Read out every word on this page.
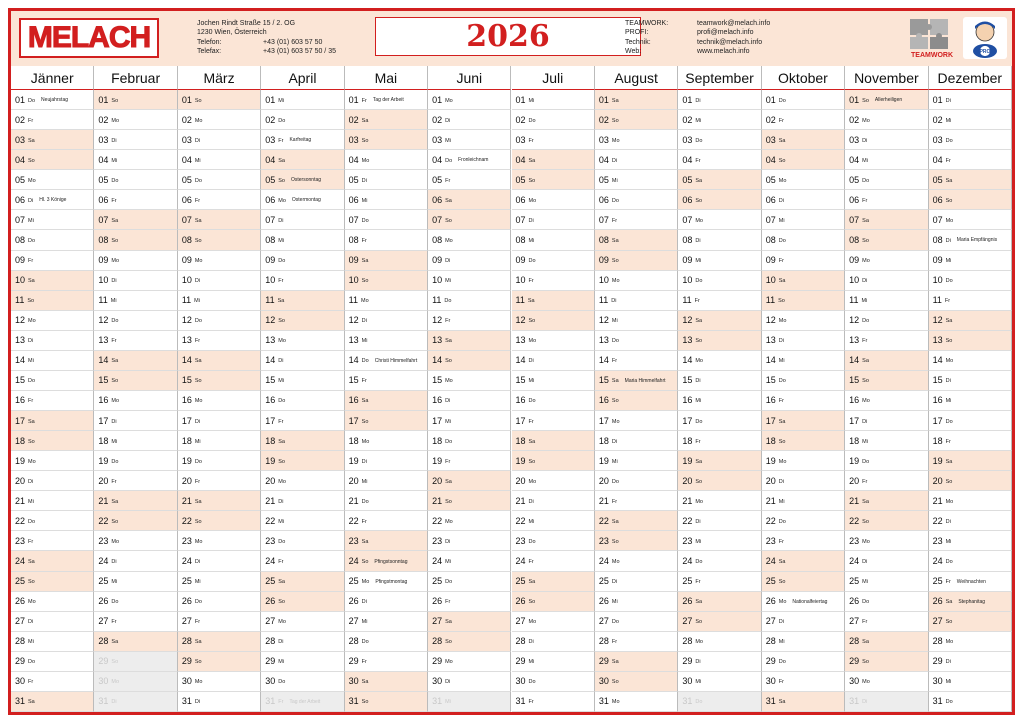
MELACH	Jochen Rindt Straße 15 / 2. OG
1230 Wien, Österreich
Telefon:
Telefax:
+43 (01) 603 57 50
+43 (01) 603 57 50 / 35	2026	TEAMWORK:
PROFI:
Technik:
Web:
teamwork@melach.info
profi@melach.info
technik@melach.info
www.melach.info
TEAMWORK	PRO
Jänner
01 Do Neujahrstag
02 Fr
03 Sa
04 So
05 Mo
06 Di Hl. 3 Könige
07 Mi
08 Do
09 Fr
10 Sa
11 So
12 Mo
13 Di
14 Mi
15 Do
16 Fr
17 Sa
18 So
19 Mo
20 Di
21 Mi
22 Do
23 Fr
24 Sa
25 So
26 Mo
27 Di
28 Mi
29 Do
30 Fr
31 Sa
Februar
01 So
02 Mo
03 Di
04 Mi
05 Do
06 Fr
07 Sa
08 So
09 Mo
10 Di
11 Mi
12 Do
13 Fr
14 Sa
15 So
16 Mo
17 Di
18 Mi
19 Do
20 Fr
21 Sa
22 So
23 Mo
24 Di
25 Mi
26 Do
27 Fr
28 Sa
29 So
30 Mo
31 Di
März
01 So
02 Mo
03 Di
04 Mi
05 Do
06 Fr
07 Sa
08 So
09 Mo
10 Di
11 Mi
12 Do
13 Fr
14 Sa
15 So
16 Mo
17 Di
18 Mi
19 Do
20 Fr
21 Sa
22 So
23 Mo
24 Di
25 Mi
26 Do
27 Fr
28 Sa
29 So
30 Mo
31 Di
April
01 Mi
02 Do
03 Fr Karfreitag
04 Sa
05 So Ostersonntag
06 Mo Ostermontag
07 Di
08 Mi
09 Do
10 Fr
11 Sa
12 So
13 Mo
14 Di
15 Mi
16 Do
17 Fr
18 Sa
19 So
20 Mo
21 Di
22 Mi
23 Do
24 Fr
25 Sa
26 So
27 Mo
28 Di
29 Mi
30 Do
31 Fr Tag der Arbeit
Mai
01 Fr Tag der Arbeit
02 Sa
03 So
04 Mo
05 Di
06 Mi
07 Do
08 Fr
09 Sa
10 So
11 Mo
12 Di
13 Mi
14 Do Christi Himmelfahrt
15 Fr
16 Sa
17 So
18 Mo
19 Di
20 Mi
21 Do
22 Fr
23 Sa
24 So Pfingstsonntag
25 Mo Pfingstmontag
26 Di
27 Mi
28 Do
29 Fr
30 Sa
31 So
Juni
01 Mo
02 Di
03 Mi
04 Do Fronleichnam
05 Fr
06 Sa
07 So
08 Mo
09 Di
10 Mi
11 Do
12 Fr
13 Sa
14 So
15 Mo
16 Di
17 Mi
18 Do
19 Fr
20 Sa
21 So
22 Mo
23 Di
24 Mi
25 Do
26 Fr
27 Sa
28 So
29 Mo
30 Di
31 Mi
Juli
01 Mi
02 Do
03 Fr
04 Sa
05 So
06 Mo
07 Di
08 Mi
09 Do
10 Fr
11 Sa
12 So
13 Mo
14 Di
15 Mi
16 Do
17 Fr
18 Sa
19 So
20 Mo
21 Di
22 Mi
23 Do
24 Fr
25 Sa
26 So
27 Mo
28 Di
29 Mi
30 Do
31 Fr
August
01 Sa
02 So
03 Mo
04 Di
05 Mi
06 Do
07 Fr
08 Sa
09 So
10 Mo
11 Di
12 Mi
13 Do
14 Fr
15 Sa Maria Himmelfahrt
16 So
17 Mo
18 Di
19 Mi
20 Do
21 Fr
22 Sa
23 So
24 Mo
25 Di
26 Mi
27 Do
28 Fr
29 Sa
30 So
31 Mo
September
01 Di
02 Mi
03 Do
04 Fr
05 Sa
06 So
07 Mo
08 Di
09 Mi
10 Do
11 Fr
12 Sa
13 So
14 Mo
15 Di
16 Mi
17 Do
18 Fr
19 Sa
20 So
21 Mo
22 Di
23 Mi
24 Do
25 Fr
26 Sa
27 So
28 Mo
29 Di
30 Mi
31 Do
Oktober
01 Do
02 Fr
03 Sa
04 So
05 Mo
06 Di
07 Mi
08 Do
09 Fr
10 Sa
11 So
12 Mo
13 Di
14 Mi
15 Do
16 Fr
17 Sa
18 So
19 Mo
20 Di
21 Mi
22 Do
23 Fr
24 Sa
25 So
26 Mo Nationalfeiertag
27 Di
28 Mi
29 Do
30 Fr
31 Sa
November
01 So Allerheiligen
02 Mo
03 Di
04 Mi
05 Do
06 Fr
07 Sa
08 So
09 Mo
10 Di
11 Mi
12 Do
13 Fr
14 Sa
15 So
16 Mo
17 Di
18 Mi
19 Do
20 Fr
21 Sa
22 So
23 Mo
24 Di
25 Mi
26 Do
27 Fr
28 Sa
29 So
30 Mo
31 Di
Dezember
01 Di
02 Mi
03 Do
04 Fr
05 Sa
06 So
07 Mo
08 Di Maria Empfängnis
09 Mi
10 Do
11 Fr
12 Sa
13 So
14 Mo
15 Di
16 Mi
17 Do
18 Fr
19 Sa
20 So
21 Mo
22 Di
23 Mi
24 Do
25 Fr Weihnachten
26 Sa Stephanitag
27 So
28 Mo
29 Di
30 Mi
31 Do
